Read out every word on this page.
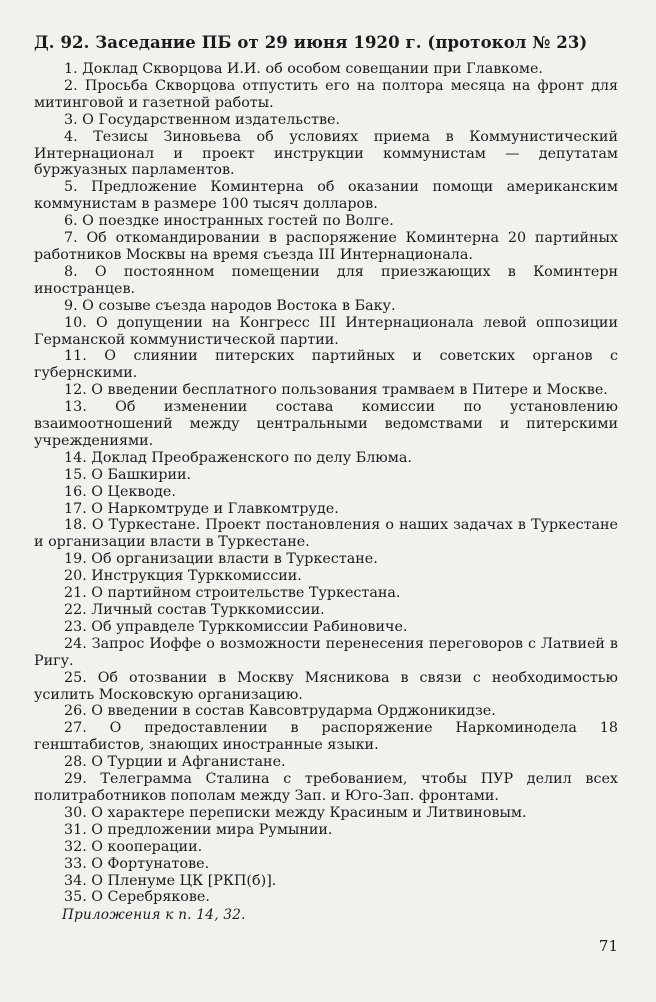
Д. 92. Заседание ПБ от 29 июня 1920 г. (протокол № 23)
1. Доклад Скворцова И.И. об особом совещании при Главкоме.
2. Просьба Скворцова отпустить его на полтора месяца на фронт для митинговой и газетной работы.
3. О Государственном издательстве.
4. Тезисы Зиновьева об условиях приема в Коммунистический Интернационал и проект инструкции коммунистам — депутатам буржуазных парламентов.
5. Предложение Коминтерна об оказании помощи американским коммунистам в размере 100 тысяч долларов.
6. О поездке иностранных гостей по Волге.
7. Об откомандировании в распоряжение Коминтерна 20 партийных работников Москвы на время съезда III Интернационала.
8. О постоянном помещении для приезжающих в Коминтерн иностранцев.
9. О созыве съезда народов Востока в Баку.
10. О допущении на Конгресс III Интернационала левой оппозиции Германской коммунистической партии.
11. О слиянии питерских партийных и советских органов с губернскими.
12. О введении бесплатного пользования трамваем в Питере и Москве.
13. Об изменении состава комиссии по установлению взаимоотношений между центральными ведомствами и питерскими учреждениями.
14. Доклад Преображенского по делу Блюма.
15. О Башкирии.
16. О Цекводе.
17. О Наркомтруде и Главкомтруде.
18. О Туркестане. Проект постановления о наших задачах в Туркестане и организации власти в Туркестане.
19. Об организации власти в Туркестане.
20. Инструкция Турккомиссии.
21. О партийном строительстве Туркестана.
22. Личный состав Турккомиссии.
23. Об управделе Турккомиссии Рабиновиче.
24. Запрос Иоффе о возможности перенесения переговоров с Латвией в Ригу.
25. Об отозвании в Москву Мясникова в связи с необходимостью усилить Московскую организацию.
26. О введении в состав Кавсовтрударма Орджоникидзе.
27. О предоставлении в распоряжение Наркоминодела 18 генштабистов, знающих иностранные языки.
28. О Турции и Афганистане.
29. Телеграмма Сталина с требованием, чтобы ПУР делил всех политработников пополам между Зап. и Юго-Зап. фронтами.
30. О характере переписки между Красиным и Литвиновым.
31. О предложении мира Румынии.
32. О кооперации.
33. О Фортунатове.
34. О Пленуме ЦК [РКП(б)].
35. О Серебрякове.
Приложения к п. 14, 32.
71
